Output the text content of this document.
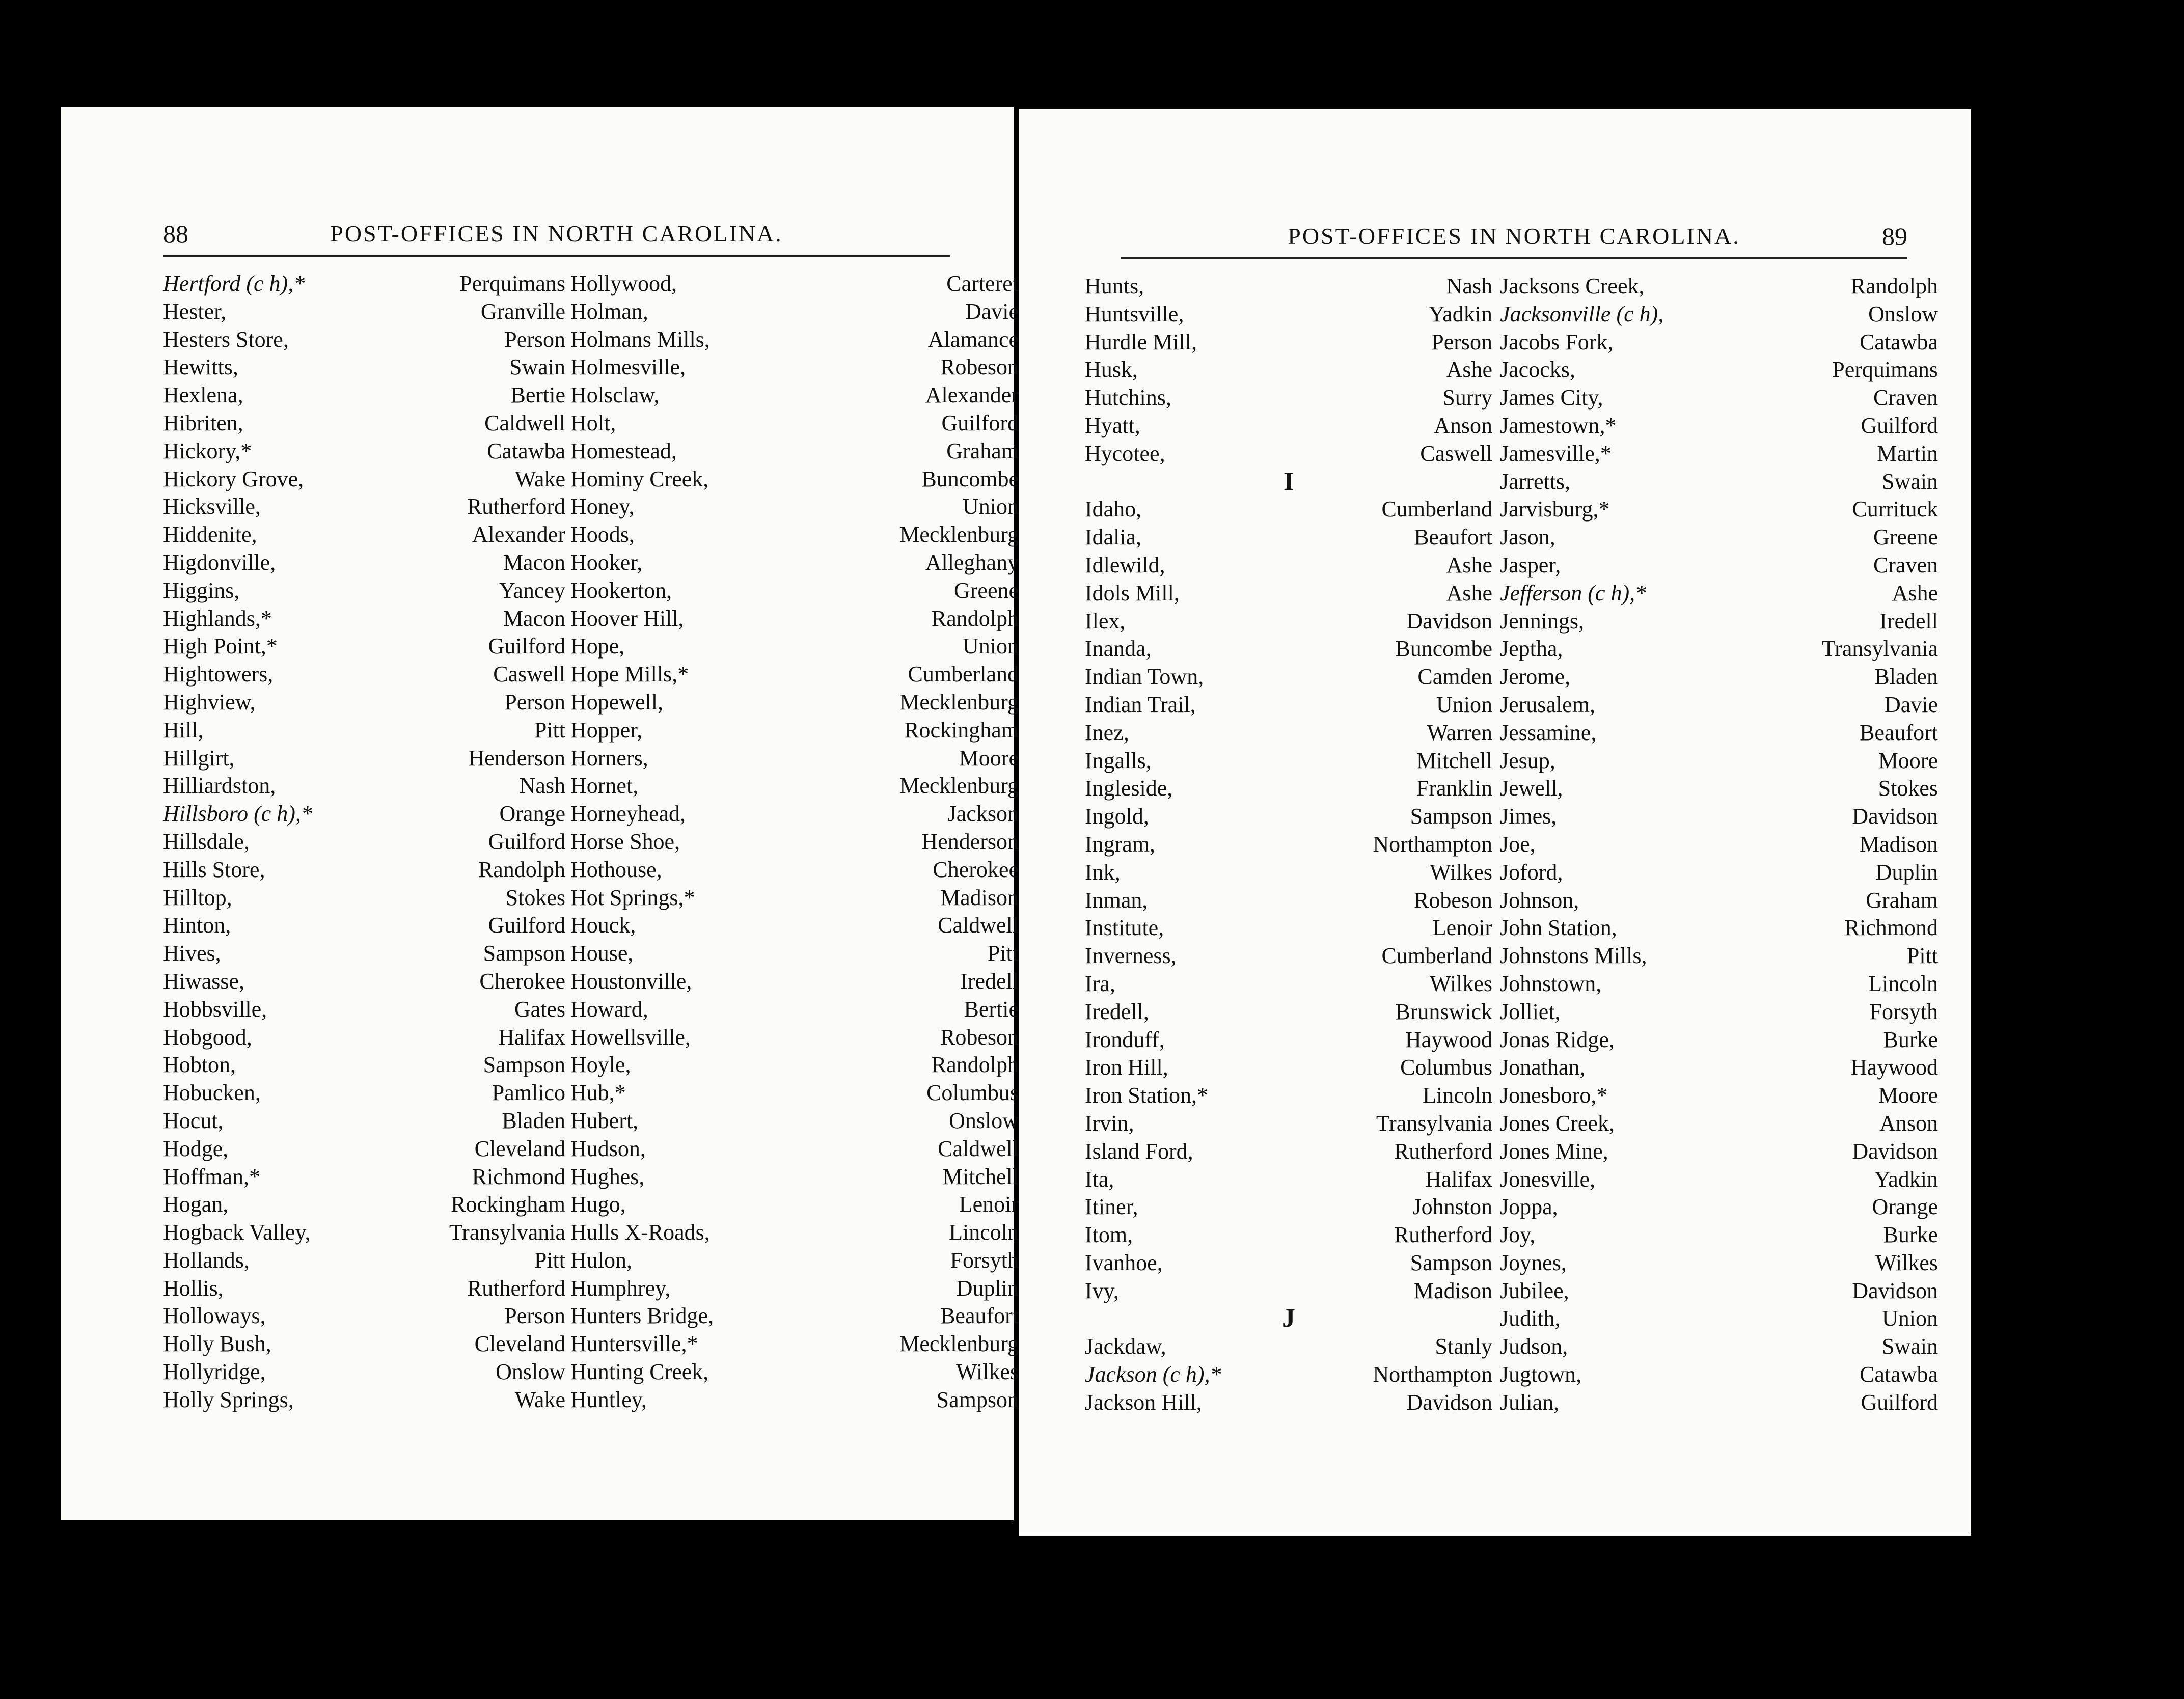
88	POST-OFFICES IN NORTH CAROLINA.
Hertford (c h),*	Perquimans
Hester,	Granville
Hesters Store,	Person
Hewitts,	Swain
Hexlena,	Bertie
Hibriten,	Caldwell
Hickory,*	Catawba
Hickory Grove,	Wake
Hicksville,	Rutherford
Hiddenite,	Alexander
Higdonville,	Macon
Higgins,	Yancey
Highlands,*	Macon
High Point,*	Guilford
Hightowers,	Caswell
Highview,	Person
Hill,	Pitt
Hillgirt,	Henderson
Hilliardston,	Nash
Hillsboro (c h),*	Orange
Hillsdale,	Guilford
Hills Store,	Randolph
Hilltop,	Stokes
Hinton,	Guilford
Hives,	Sampson
Hiwasse,	Cherokee
Hobbsville,	Gates
Hobgood,	Halifax
Hobton,	Sampson
Hobucken,	Pamlico
Hocut,	Bladen
Hodge,	Cleveland
Hoffman,*	Richmond
Hogan,	Rockingham
Hogback Valley,	Transylvania
Hollands,	Pitt
Hollis,	Rutherford
Holloways,	Person
Holly Bush,	Cleveland
Hollyridge,	Onslow
Holly Springs,	Wake
Hollywood,	Carteret
Holman,	Davie
Holmans Mills,	Alamance
Holmesville,	Robeson
Holsclaw,	Alexander
Holt,	Guilford
Homestead,	Graham
Hominy Creek,	Buncombe
Honey,	Union
Hoods,	Mecklenburg
Hooker,	Alleghany
Hookerton,	Greene
Hoover Hill,	Randolph
Hope,	Union
Hope Mills,*	Cumberland
Hopewell,	Mecklenburg
Hopper,	Rockingham
Horners,	Moore
Hornet,	Mecklenburg
Horneyhead,	Jackson
Horse Shoe,	Henderson
Hothouse,	Cherokee
Hot Springs,*	Madison
Houck,	Caldwell
House,	Pitt
Houstonville,	Iredell
Howard,	Bertie
Howellsville,	Robeson
Hoyle,	Randolph
Hub,*	Columbus
Hubert,	Onslow
Hudson,	Caldwell
Hughes,	Mitchell
Hugo,	Lenoir
Hulls X-Roads,	Lincoln
Hulon,	Forsyth
Humphrey,	Duplin
Hunters Bridge,	Beaufort
Huntersville,*	Mecklenburg
Hunting Creek,	Wilkes
Huntley,	Sampson
POST-OFFICES IN NORTH CAROLINA.	89
Hunts,	Nash
Huntsville,	Yadkin
Hurdle Mill,	Person
Husk,	Ashe
Hutchins,	Surry
Hyatt,	Anson
Hycotee,	Caswell
I
Idaho,	Cumberland
Idalia,	Beaufort
Idlewild,	Ashe
Idols Mill,	Ashe
Ilex,	Davidson
Inanda,	Buncombe
Indian Town,	Camden
Indian Trail,	Union
Inez,	Warren
Ingalls,	Mitchell
Ingleside,	Franklin
Ingold,	Sampson
Ingram,	Northampton
Ink,	Wilkes
Inman,	Robeson
Institute,	Lenoir
Inverness,	Cumberland
Ira,	Wilkes
Iredell,	Brunswick
Ironduff,	Haywood
Iron Hill,	Columbus
Iron Station,*	Lincoln
Irvin,	Transylvania
Island Ford,	Rutherford
Ita,	Halifax
Itiner,	Johnston
Itom,	Rutherford
Ivanhoe,	Sampson
Ivy,	Madison
J
Jackdaw,	Stanly
Jackson (c h),*	Northampton
Jackson Hill,	Davidson
Jacksons Creek,	Randolph
Jacksonville (c h),	Onslow
Jacobs Fork,	Catawba
Jacocks,	Perquimans
James City,	Craven
Jamestown,*	Guilford
Jamesville,*	Martin
Jarretts,	Swain
Jarvisburg,*	Currituck
Jason,	Greene
Jasper,	Craven
Jefferson (c h),*	Ashe
Jennings,	Iredell
Jeptha,	Transylvania
Jerome,	Bladen
Jerusalem,	Davie
Jessamine,	Beaufort
Jesup,	Moore
Jewell,	Stokes
Jimes,	Davidson
Joe,	Madison
Joford,	Duplin
Johnson,	Graham
John Station,	Richmond
Johnstons Mills,	Pitt
Johnstown,	Lincoln
Jolliet,	Forsyth
Jonas Ridge,	Burke
Jonathan,	Haywood
Jonesboro,*	Moore
Jones Creek,	Anson
Jones Mine,	Davidson
Jonesville,	Yadkin
Joppa,	Orange
Joy,	Burke
Joynes,	Wilkes
Jubilee,	Davidson
Judith,	Union
Judson,	Swain
Jugtown,	Catawba
Julian,	Guilford
